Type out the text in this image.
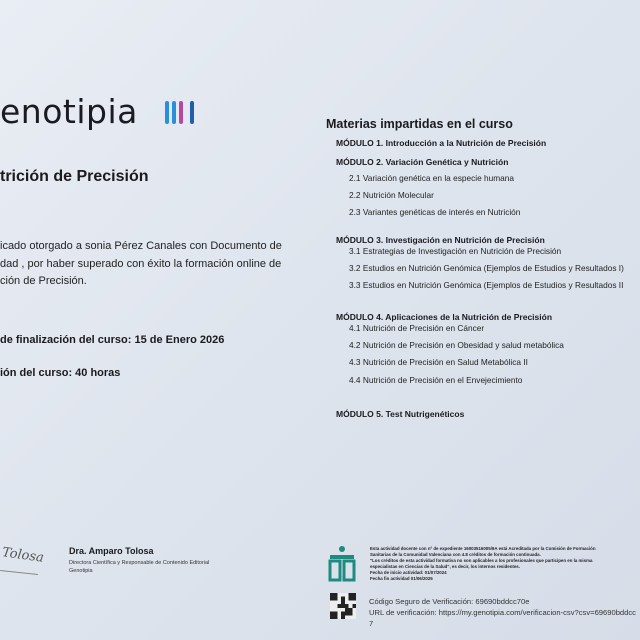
enotipia
trición de Precisión
icado otorgado a sonia Pérez Canales con Documento de
dad , por haber superado con éxito la formación online de
ción de Precisión.
de finalización del curso: 15 de Enero 2026
ión del curso: 40 horas
Materias impartidas en el curso
MÓDULO 1. Introducción a la Nutrición de Precisión
MÓDULO 2. Variación Genética y Nutrición
2.1 Variación genética en la especie humana
2.2 Nutrición Molecular
2.3 Variantes genéticas de interés en Nutrición
MÓDULO 3. Investigación en Nutrición de Precisión
3.1 Estrategias de Investigación en Nutrición de Precisión
3.2 Estudios en Nutrición Genómica (Ejemplos de Estudios y Resultados I)
3.3 Estudios en Nutrición Genómica (Ejemplos de Estudios y Resultados II
MÓDULO 4. Aplicaciones de la Nutrición de Precisión
4.1 Nutrición de Precisión en Cáncer
4.2 Nutrición de Precisión en Obesidad y salud metabólica
4.3 Nutrición de Precisión en Salud Metabólica II
4.4 Nutrición de Precisión en el Envejecimiento
MÓDULO 5. Test Nutrigenéticos
Tolosa	Dra. Amparo Tolosa
Directora Científica y Responsable de Contenido Editorial
Genotipia
Esta actividad docente con nº de expediente 16003516005/9A está Acreditada por la Comisión de Formación
Sanitarias de la Comunidad Valenciana con 4.8 créditos de formación continuada.
"Los créditos de esta actividad formativa no son aplicables a los profesionales que participen en la misma
especialistas en Ciencias de la Salud", es decir, los internos residentes.
Fecha de inicio actividad: 01/07/2024
Fecha fin actividad 01/06/2025
Código Seguro de Verificación: 69690bddcc70e
URL de verificación: https://my.genotipia.com/verificacion-csv?csv=69690bddcc7
